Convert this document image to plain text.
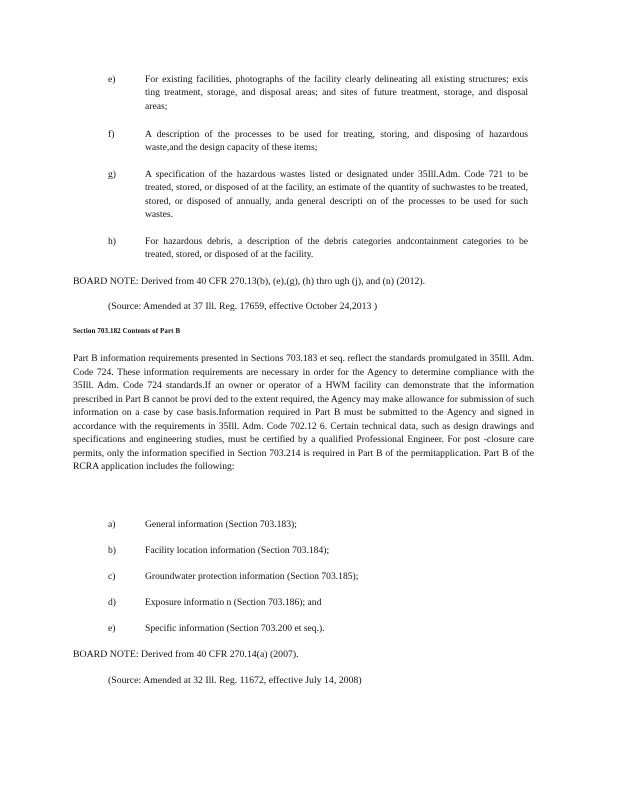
e)	For existing facilities, photographs of the facility clearly delineating all existing structures; exis ting treatment, storage, and disposal areas; and sites of future treatment, storage, and disposal areas;
f)	A description of the processes to be used for treating, storing, and disposing of hazardous waste,and the design capacity of these items;
g)	A specification of the hazardous wastes listed or designated under 35Ill.Adm. Code 721 to be treated, stored, or disposed of at the facility, an estimate of the quantity of suchwastes to be treated, stored, or disposed of annually, anda general descripti on of the processes to be used for such wastes.
h)	For hazardous debris, a description of the debris categories andcontainment categories to be treated, stored, or disposed of at the facility.
BOARD NOTE: Derived from 40 CFR 270.13(b), (e),(g), (h) thro ugh (j), and (n) (2012).
(Source: Amended at 37 Ill. Reg. 17659, effective October 24,2013 )
Section 703.182 Contents of Part B
Part B information requirements presented in Sections 703.183 et seq. reflect the standards promulgated in 35Ill. Adm. Code 724. These information requirements are necessary in order for the Agency to determine compliance with the 35Ill. Adm. Code 724 standards.If an owner or operator of a HWM facility can demonstrate that the information prescribed in Part B cannot be provi ded to the extent required, the Agency may make allowance for submission of such information on a case by case basis.Information required in Part B must be submitted to the Agency and signed in accordance with the requirements in 35Ill. Adm. Code 702.12 6. Certain technical data, such as design drawings and specifications and engineering studies, must be certified by a qualified Professional Engineer. For post -closure care permits, only the information specified in Section 703.214 is required in Part B of the permitapplication. Part B of the RCRA application includes the following:
a)	General information (Section 703.183);
b)	Facility location information (Section 703.184);
c)	Groundwater protection information (Section 703.185);
d)	Exposure informatio n (Section 703.186); and
e)	Specific information (Section 703.200 et seq.).
BOARD NOTE: Derived from 40 CFR 270.14(a) (2007).
(Source: Amended at 32 Ill. Reg. 11672, effective July 14, 2008)
